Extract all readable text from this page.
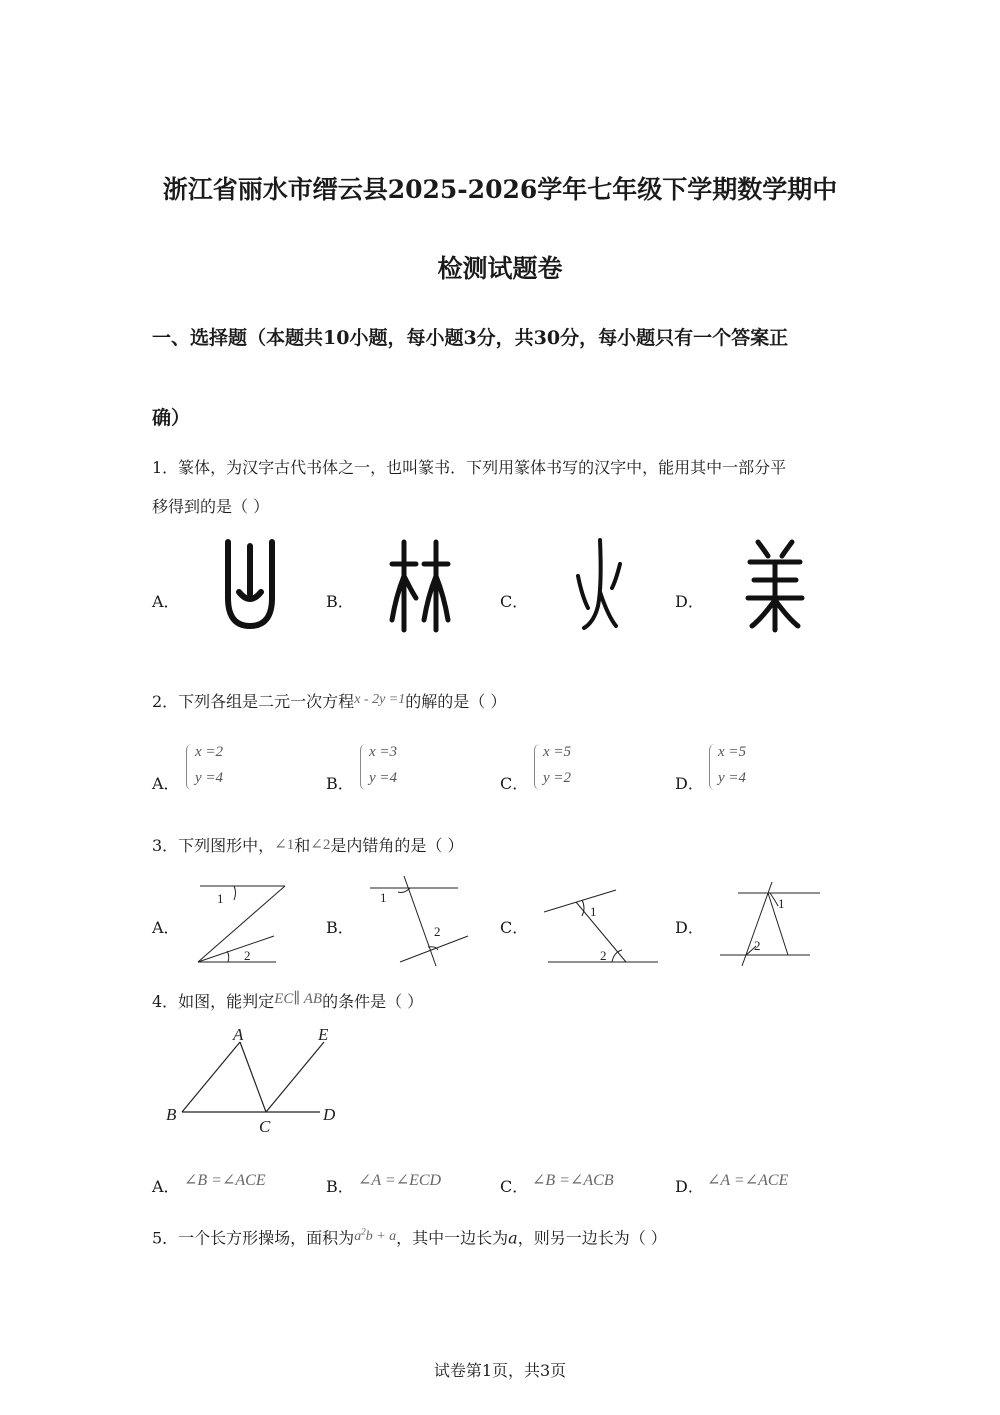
浙江省丽水市缙云县2025-2026学年七年级下学期数学期中
检测试题卷
一、选择题（本题共10小题，每小题3分，共30分，每小题只有一个答案正
确）
1．篆体，为汉字古代书体之一，也叫篆书．下列用篆体书写的汉字中，能用其中一部分平
移得到的是（ ）
A．	B．	C．	D．
2．下列各组是二元一次方程x - 2y =1的解的是（ ）
A．
x =2
y =4	B．
x =3
y =4	C．
x =5
y =2	D．
x =5
y =4
3．下列图形中，∠1和∠2是内错角的是（ ）
A．
1
2
B．
1
2	C．
1
2
D．
1
2
4．如图，能判定EC∥ AB的条件是（ ）
A	E
B
C
D
A． ∠B =∠ACE	B． ∠A =∠ECD	C． ∠B =∠ACB	D． ∠A =∠ACE
5．一个长方形操场，面积为$a^2b + a$，其中一边长为a，则另一边长为（ ）
试卷第1页，共3页
